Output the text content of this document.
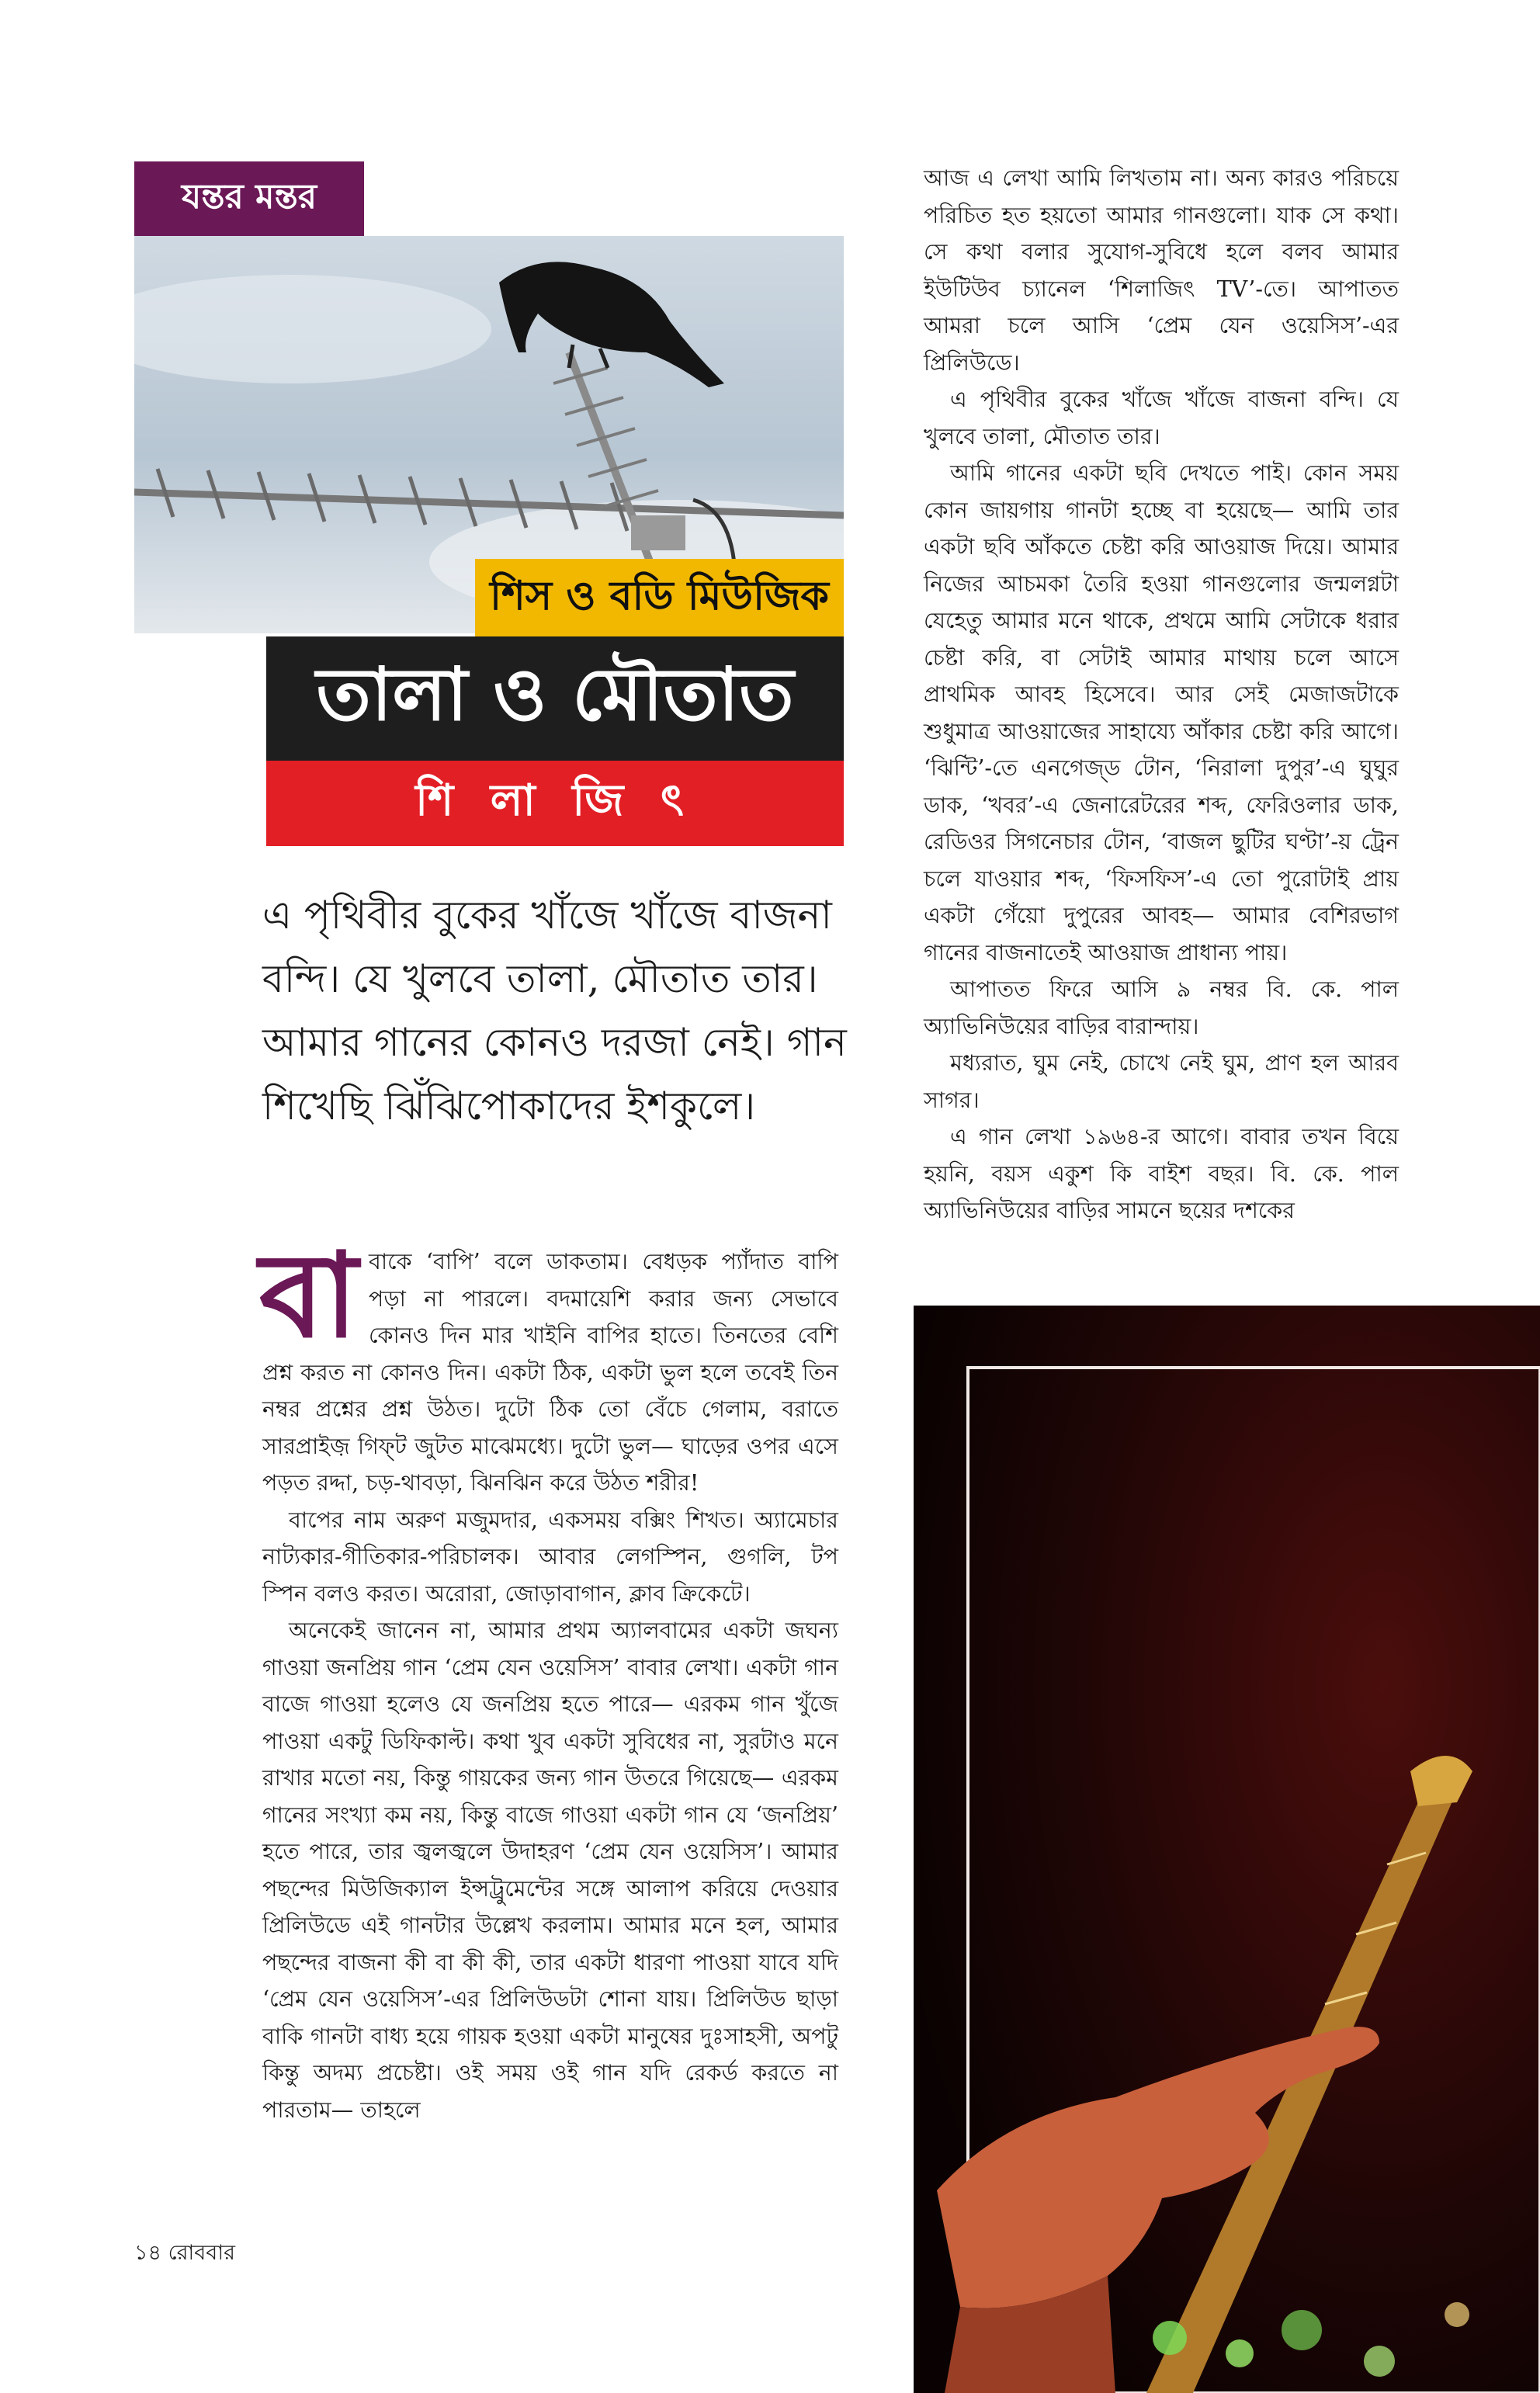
যন্তর মন্তর
শিস ও বডি মিউজিক
তালা ও মৌতাত
শি লা জি ৎ
এ পৃথিবীর বুকের খাঁজে খাঁজে বাজনা বন্দি। যে খুলবে তালা, মৌতাত তার। আমার গানের কোনও দরজা নেই। গান শিখেছি ঝিঁঝিপোকাদের ইশকুলে।

বাবাকে ‘বাপি’ বলে ডাকতাম। বেধড়ক প্যাঁদাত বাপি পড়া না পারলে। বদমায়েশি করার জন্য সেভাবে কোনও দিন মার খাইনি বাপির হাতে। তিনতের বেশি প্রশ্ন করত না কোনও দিন। একটা ঠিক, একটা ভুল হলে তবেই তিন নম্বর প্রশ্নের প্রশ্ন উঠত। দুটো ঠিক তো বেঁচে গেলাম, বরাতে সারপ্রাইজ় গিফ্‌ট জুটত মাঝেমধ্যে। দুটো ভুল— ঘাড়ের ওপর এসে পড়ত রদ্দা, চড়-থাবড়া, ঝিনঝিন করে উঠত শরীর!

বাপের নাম অরুণ মজুমদার, একসময় বক্সিং শিখত। অ্যামেচার নাট্যকার-গীতিকার-পরিচালক। আবার লেগস্পিন, গুগলি, টপ স্পিন বলও করত। অরোরা, জোড়াবাগান, ক্লাব ক্রিকেটে।

অনেকেই জানেন না, আমার প্রথম অ্যালবামের একটা জঘন্য গাওয়া জনপ্রিয় গান ‘প্রেম যেন ওয়েসিস’ বাবার লেখা। একটা গান বাজে গাওয়া হলেও যে জনপ্রিয় হতে পারে— এরকম গান খুঁজে পাওয়া একটু ডিফিকাল্ট। কথা খুব একটা সুবিধের না, সুরটাও মনে রাখার মতো নয়, কিন্তু গায়কের জন্য গান উতরে গিয়েছে— এরকম গানের সংখ্যা কম নয়, কিন্তু বাজে গাওয়া একটা গান যে ‘জনপ্রিয়’ হতে পারে, তার জ্বলজ্বলে উদাহরণ ‘প্রেম যেন ওয়েসিস’। আমার পছন্দের মিউজিক্যাল ইন্সট্রুমেন্টের সঙ্গে আলাপ করিয়ে দেওয়ার প্রিলিউডে এই গানটার উল্লেখ করলাম। আমার মনে হল, আমার পছন্দের বাজনা কী বা কী কী, তার একটা ধারণা পাওয়া যাবে যদি ‘প্রেম যেন ওয়েসিস’-এর প্রিলিউডটা শোনা যায়। প্রিলিউড ছাড়া বাকি গানটা বাধ্য হয়ে গায়ক হওয়া একটা মানুষের দুঃসাহসী, অপটু কিন্তু অদম্য প্রচেষ্টা। ওই সময় ওই গান যদি রেকর্ড করতে না পারতাম— তাহলে

আজ এ লেখা আমি লিখতাম না। অন্য কারও পরিচয়ে পরিচিত হত হয়তো আমার গানগুলো। যাক সে কথা। সে কথা বলার সুযোগ-সুবিধে হলে বলব আমার ইউটিউব চ্যানেল ‘শিলাজিৎ TV’-তে। আপাতত আমরা চলে আসি ‘প্রেম যেন ওয়েসিস’-এর প্রিলিউডে।

এ পৃথিবীর বুকের খাঁজে খাঁজে বাজনা বন্দি। যে খুলবে তালা, মৌতাত তার।

আমি গানের একটা ছবি দেখতে পাই। কোন সময় কোন জায়গায় গানটা হচ্ছে বা হয়েছে— আমি তার একটা ছবি আঁকতে চেষ্টা করি আওয়াজ দিয়ে। আমার নিজের আচমকা তৈরি হওয়া গানগুলোর জন্মলগ্নটা যেহেতু আমার মনে থাকে, প্রথমে আমি সেটাকে ধরার চেষ্টা করি, বা সেটাই আমার মাথায় চলে আসে প্রাথমিক আবহ হিসেবে। আর সেই মেজাজটাকে শুধুমাত্র আওয়াজের সাহায্যে আঁকার চেষ্টা করি আগে। ‘ঝিন্টি’-তে এনগেজ্‌ড টোন, ‘নিরালা দুপুর’-এ ঘুঘুর ডাক, ‘খবর’-এ জেনারেটরের শব্দ, ফেরিওলার ডাক, রেডিওর সিগনেচার টোন, ‘বাজল ছুটির ঘণ্টা’-য় ট্রেন চলে যাওয়ার শব্দ, ‘ফিসফিস’-এ তো পুরোটাই প্রায় একটা গেঁয়ো দুপুরের আবহ— আমার বেশিরভাগ গানের বাজনাতেই আওয়াজ প্রাধান্য পায়।

আপাতত ফিরে আসি ৯ নম্বর বি. কে. পাল অ্যাভিনিউয়ের বাড়ির বারান্দায়।

মধ্যরাত, ঘুম নেই, চোখে নেই ঘুম, প্রাণ হল আরব সাগর।

এ গান লেখা ১৯৬৪-র আগে। বাবার তখন বিয়ে হয়নি, বয়স একুশ কি বাইশ বছর। বি. কে. পাল অ্যাভিনিউয়ের বাড়ির সামনে ছয়ের দশকের

১৪ রোববার
